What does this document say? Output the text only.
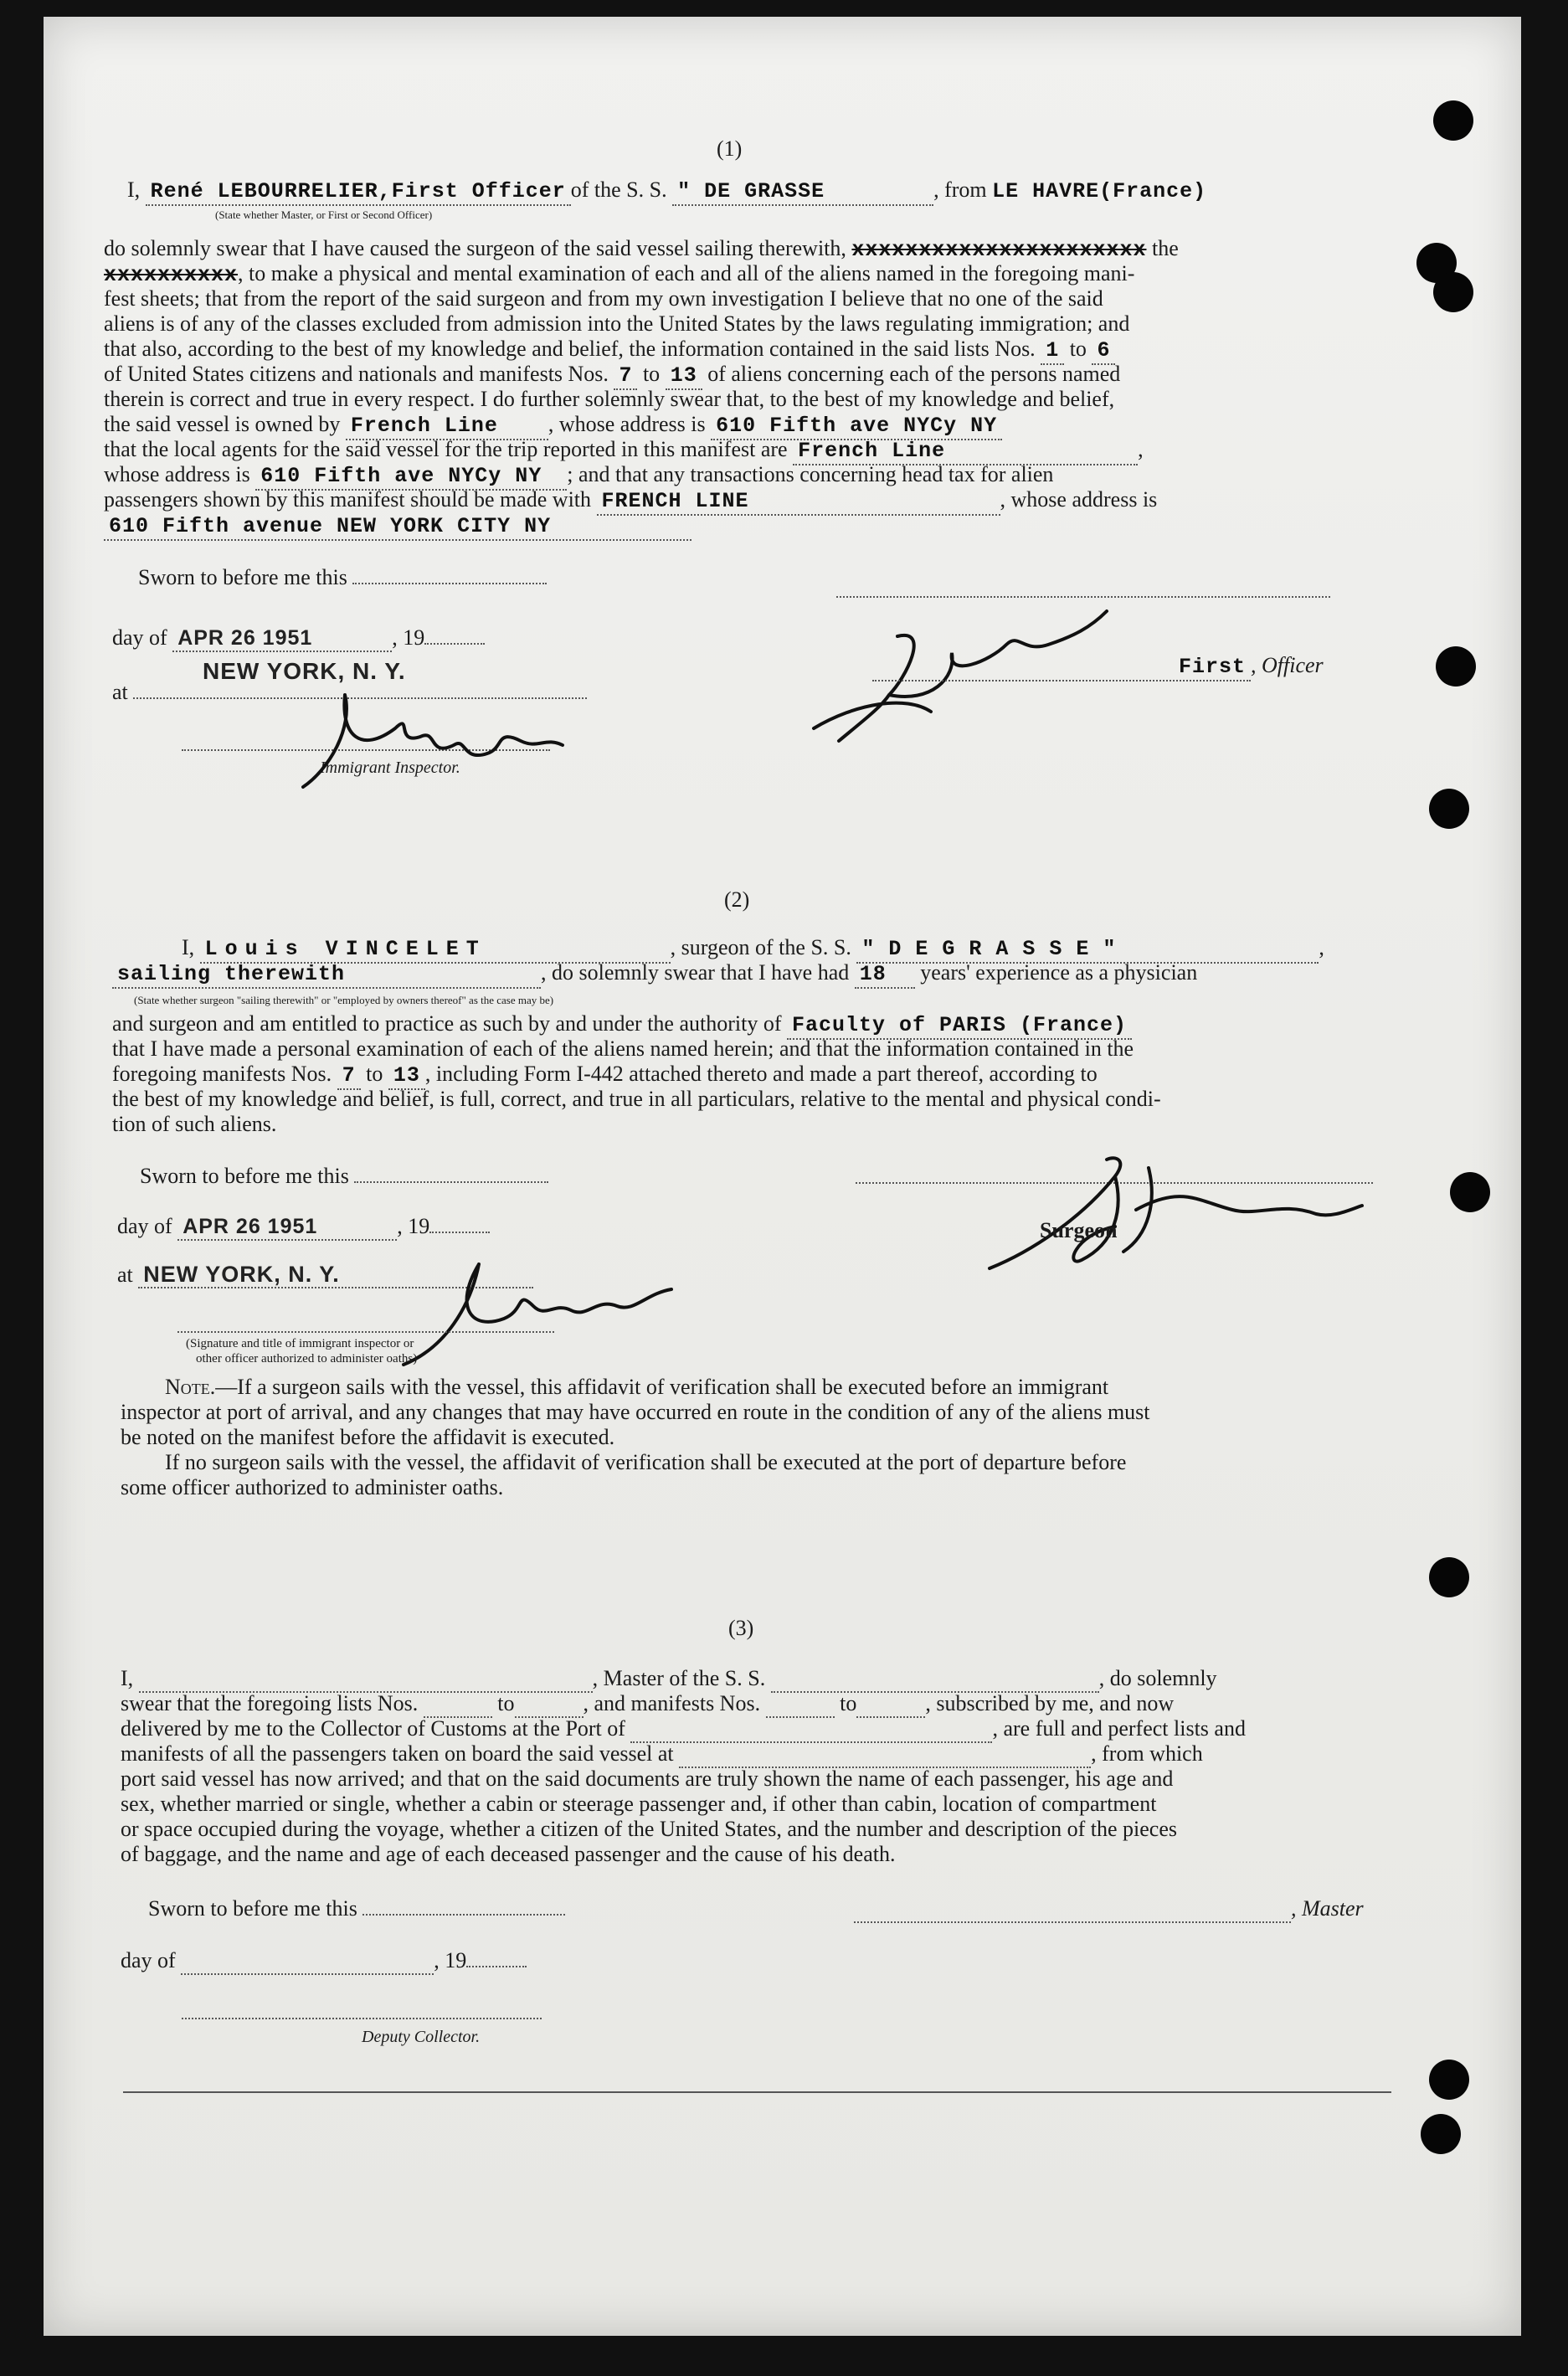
(1)
I, René LEBOURRELIER,First Officer of the S. S. " DE GRASSE	, from LE HAVRE(France)
(State whether Master, or First or Second Officer)
do solemnly swear that I have caused the surgeon of the said vessel sailing therewith, xxxxxxxxxxxxxxxxxxxxxx the
xxxxxxxxxx, to make a physical and mental examination of each and all of the aliens named in the foregoing mani-
fest sheets; that from the report of the said surgeon and from my own investigation I believe that no one of the said
aliens is of any of the classes excluded from admission into the United States by the laws regulating immigration; and
that also, according to the best of my knowledge and belief, the information contained in the said lists Nos. 1 to 6
of United States citizens and nationals and manifests Nos. 7 to 13 of aliens concerning each of the persons named
therein is correct and true in every respect. I do further solemnly swear that, to the best of my knowledge and belief,
the said vessel is owned by French Line , whose address is 610 Fifth ave NYCy NY
that the local agents for the said vessel for the trip reported in this manifest are French Line	,
whose address is 610 Fifth ave NYCy NY ; and that any transactions concerning head tax for alien
passengers shown by this manifest should be made with FRENCH LINE	, whose address is
610 Fifth avenue NEW YORK CITY NY
Sworn to before me this
day of APR 26 1951	, 19
NEW YORK, N. Y.
at
Immigrant Inspector.
First , Officer
(2)
I, Louis VINCELET	, surgeon of the S. S. " D E G R A S S E "	,
sailing therewith	, do solemnly swear that I have had 18 years' experience as a physician
(State whether surgeon "sailing therewith" or "employed by owners thereof" as the case may be)
and surgeon and am entitled to practice as such by and under the authority of Faculty of PARIS (France)
that I have made a personal examination of each of the aliens named herein; and that the information contained in the
foregoing manifests Nos. 7 to 13 , including Form I-442 attached thereto and made a part thereof, according to
the best of my knowledge and belief, is full, correct, and true in all particulars, relative to the mental and physical condi-
tion of such aliens.
Sworn to before me this
day of APR 26 1951	, 19
at NEW YORK, N. Y.
Surgeon
(Signature and title of immigrant inspector or
other officer authorized to administer oaths)
Note.—If a surgeon sails with the vessel, this affidavit of verification shall be executed before an immigrant
inspector at port of arrival, and any changes that may have occurred en route in the condition of any of the aliens must
be noted on the manifest before the affidavit is executed.
If no surgeon sails with the vessel, the affidavit of verification shall be executed at the port of departure before
some officer authorized to administer oaths.
(3)
I,	, Master of the S. S.	, do solemnly
swear that the foregoing lists Nos.	to	, and manifests Nos.	to	, subscribed by me, and now
delivered by me to the Collector of Customs at the Port of	, are full and perfect lists and
manifests of all the passengers taken on board the said vessel at	, from which
port said vessel has now arrived; and that on the said documents are truly shown the name of each passenger, his age and
sex, whether married or single, whether a cabin or steerage passenger and, if other than cabin, location of compartment
or space occupied during the voyage, whether a citizen of the United States, and the number and description of the pieces
of baggage, and the name and age of each deceased passenger and the cause of his death.
Sworn to before me this	, Master
day of	, 19
Deputy Collector.
